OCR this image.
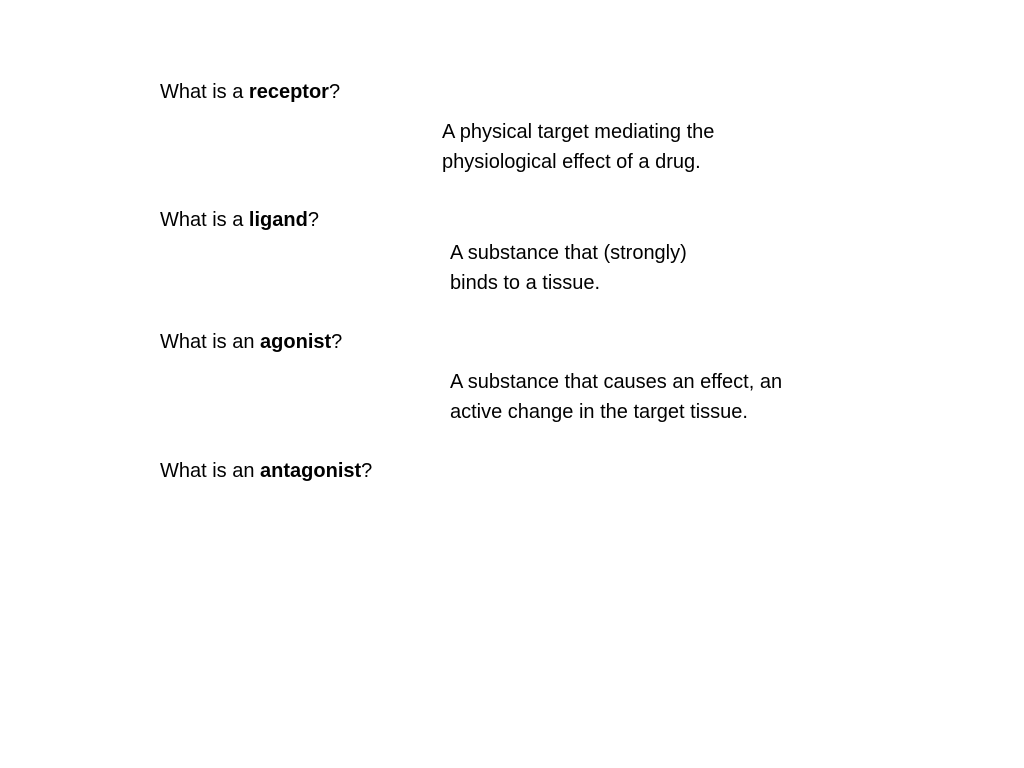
What is a receptor?
A physical target mediating the
physiological effect of a drug.
What is a ligand?
A substance that (strongly)
binds to a tissue.
What is an agonist?
A substance that causes an effect, an
active change in the target tissue.
What is an antagonist?
